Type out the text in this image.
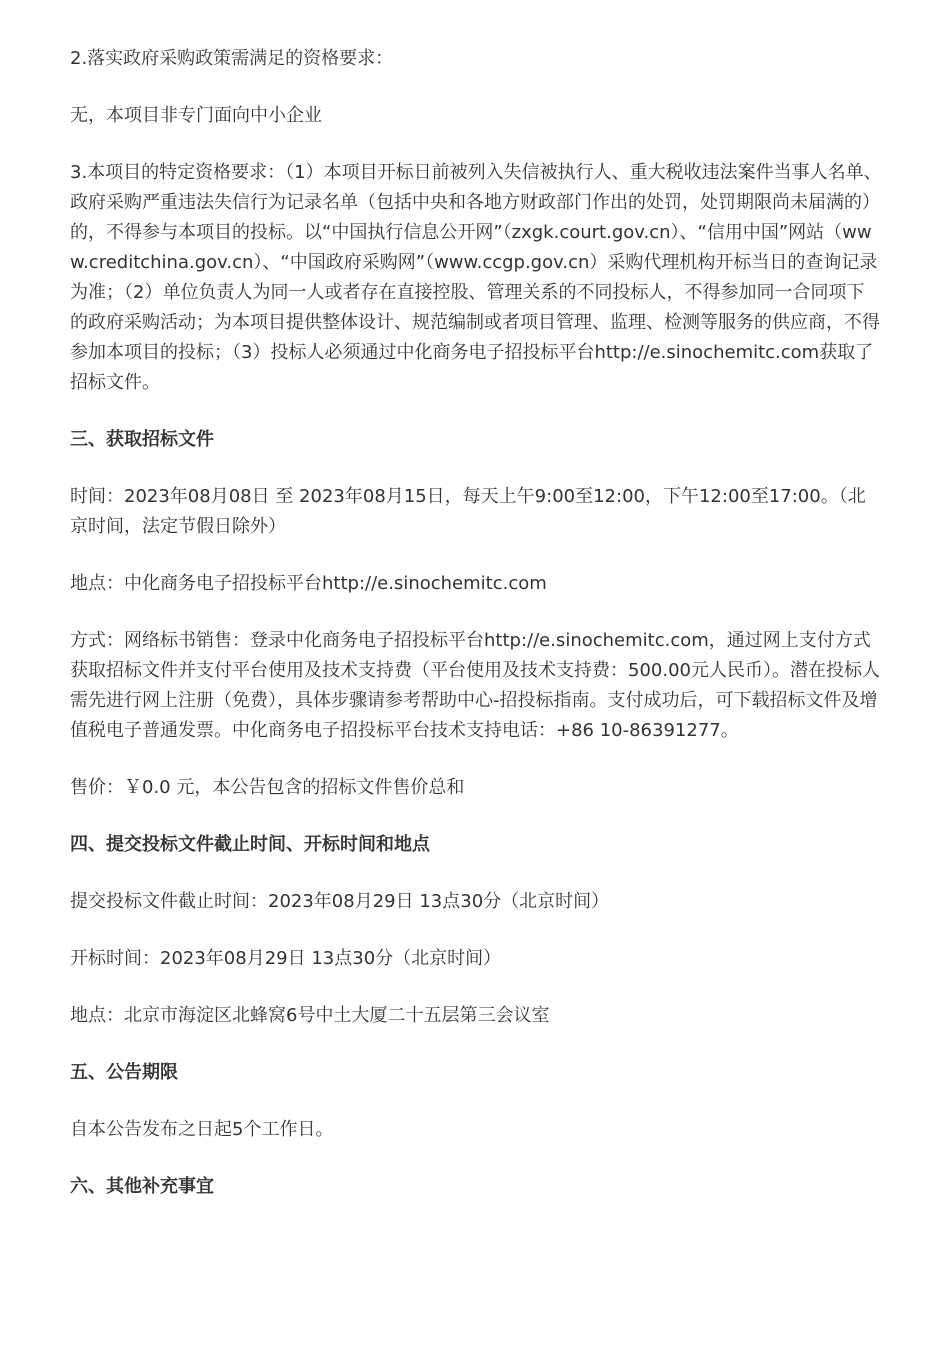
2.落实政府采购政策需满足的资格要求：

无，本项目非专门面向中小企业

3.本项目的特定资格要求：（1）本项目开标日前被列入失信被执行人、重大税收违法案件当事人名单、政府采购严重违法失信行为记录名单（包括中央和各地方财政部门作出的处罚，处罚期限尚未届满的）的，不得参与本项目的投标。以“中国执行信息公开网”（zxgk.court.gov.cn）、“信用中国”网站（www.creditchina.gov.cn）、“中国政府采购网”（www.ccgp.gov.cn）采购代理机构开标当日的查询记录为准；（2）单位负责人为同一人或者存在直接控股、管理关系的不同投标人，不得参加同一合同项下的政府采购活动；为本项目提供整体设计、规范编制或者项目管理、监理、检测等服务的供应商，不得参加本项目的投标；（3）投标人必须通过中化商务电子招投标平台http://e.sinochemitc.com获取了招标文件。

三、获取招标文件

时间：2023年08月08日 至 2023年08月15日，每天上午9:00至12:00，下午12:00至17:00。（北京时间，法定节假日除外）

地点：中化商务电子招投标平台http://e.sinochemitc.com

方式：网络标书销售：登录中化商务电子招投标平台http://e.sinochemitc.com，通过网上支付方式获取招标文件并支付平台使用及技术支持费（平台使用及技术支持费：500.00元人民币）。潜在投标人需先进行网上注册（免费），具体步骤请参考帮助中心-招投标指南。支付成功后，可下载招标文件及增值税电子普通发票。中化商务电子招投标平台技术支持电话：+86 10-86391277。

售价：￥0.0 元，本公告包含的招标文件售价总和

四、提交投标文件截止时间、开标时间和地点

提交投标文件截止时间：2023年08月29日 13点30分（北京时间）

开标时间：2023年08月29日 13点30分（北京时间）

地点：北京市海淀区北蜂窝6号中土大厦二十五层第三会议室

五、公告期限

自本公告发布之日起5个工作日。

六、其他补充事宜
